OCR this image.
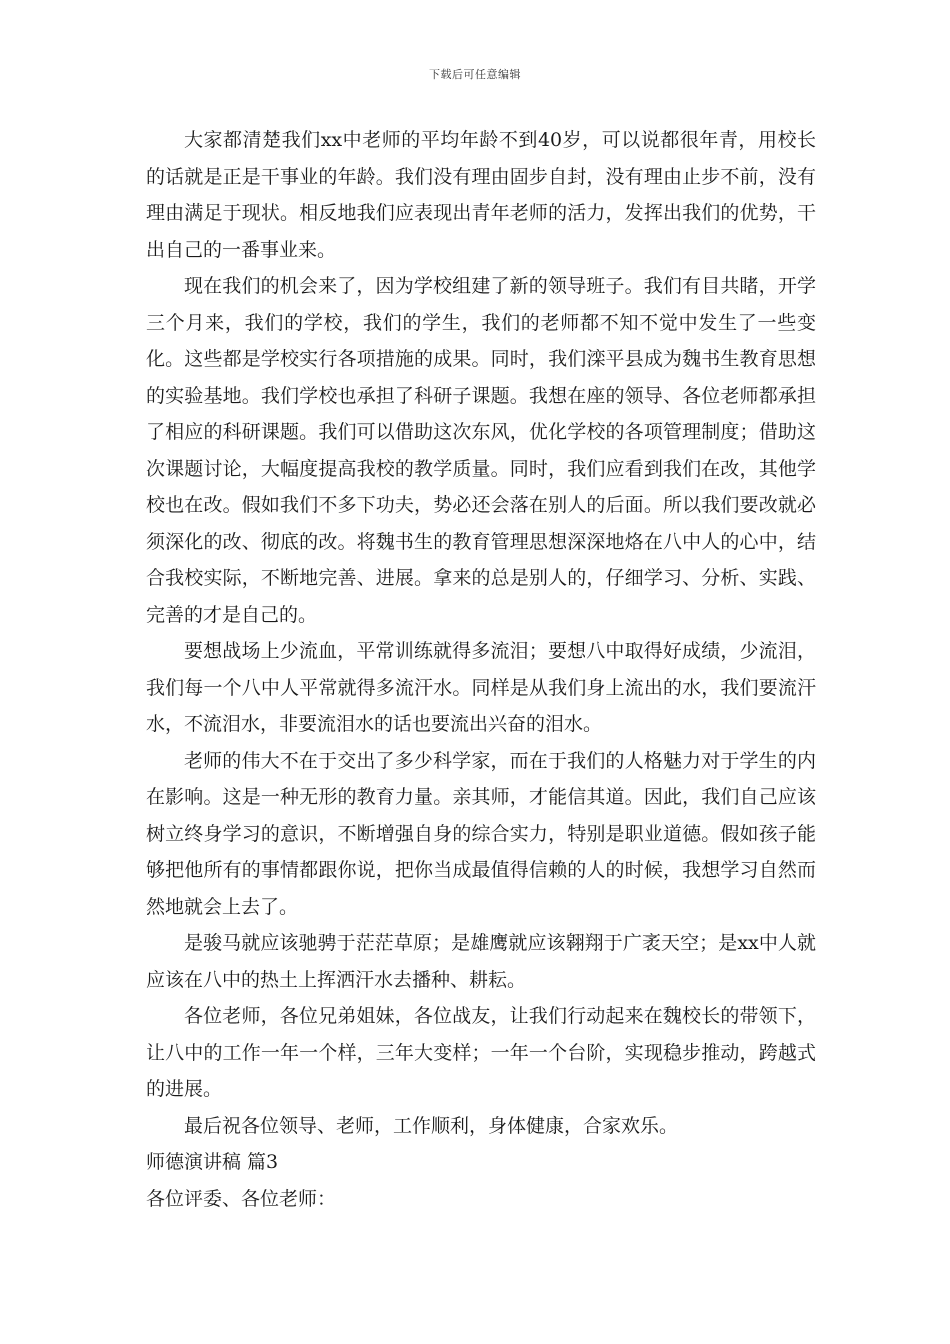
下载后可任意编辑

大家都清楚我们xx中老师的平均年龄不到40岁，可以说都很年青，用校长的话就是正是干事业的年龄。我们没有理由固步自封，没有理由止步不前，没有理由满足于现状。相反地我们应表现出青年老师的活力，发挥出我们的优势，干出自己的一番事业来。

现在我们的机会来了，因为学校组建了新的领导班子。我们有目共睹，开学三个月来，我们的学校，我们的学生，我们的老师都不知不觉中发生了一些变化。这些都是学校实行各项措施的成果。同时，我们滦平县成为魏书生教育思想的实验基地。我们学校也承担了科研子课题。我想在座的领导、各位老师都承担了相应的科研课题。我们可以借助这次东风，优化学校的各项管理制度；借助这次课题讨论，大幅度提高我校的教学质量。同时，我们应看到我们在改，其他学校也在改。假如我们不多下功夫，势必还会落在别人的后面。所以我们要改就必须深化的改、彻底的改。将魏书生的教育管理思想深深地烙在八中人的心中，结合我校实际，不断地完善、进展。拿来的总是别人的，仔细学习、分析、实践、完善的才是自己的。

要想战场上少流血，平常训练就得多流泪；要想八中取得好成绩，少流泪，我们每一个八中人平常就得多流汗水。同样是从我们身上流出的水，我们要流汗水，不流泪水，非要流泪水的话也要流出兴奋的泪水。

老师的伟大不在于交出了多少科学家，而在于我们的人格魅力对于学生的内在影响。这是一种无形的教育力量。亲其师，才能信其道。因此，我们自己应该树立终身学习的意识，不断增强自身的综合实力，特别是职业道德。假如孩子能够把他所有的事情都跟你说，把你当成最值得信赖的人的时候，我想学习自然而然地就会上去了。

是骏马就应该驰骋于茫茫草原；是雄鹰就应该翱翔于广袤天空；是xx中人就应该在八中的热土上挥洒汗水去播种、耕耘。

各位老师，各位兄弟姐妹，各位战友，让我们行动起来在魏校长的带领下，让八中的工作一年一个样，三年大变样；一年一个台阶，实现稳步推动，跨越式的进展。

最后祝各位领导、老师，工作顺利，身体健康，合家欢乐。

师德演讲稿 篇3

各位评委、各位老师：
